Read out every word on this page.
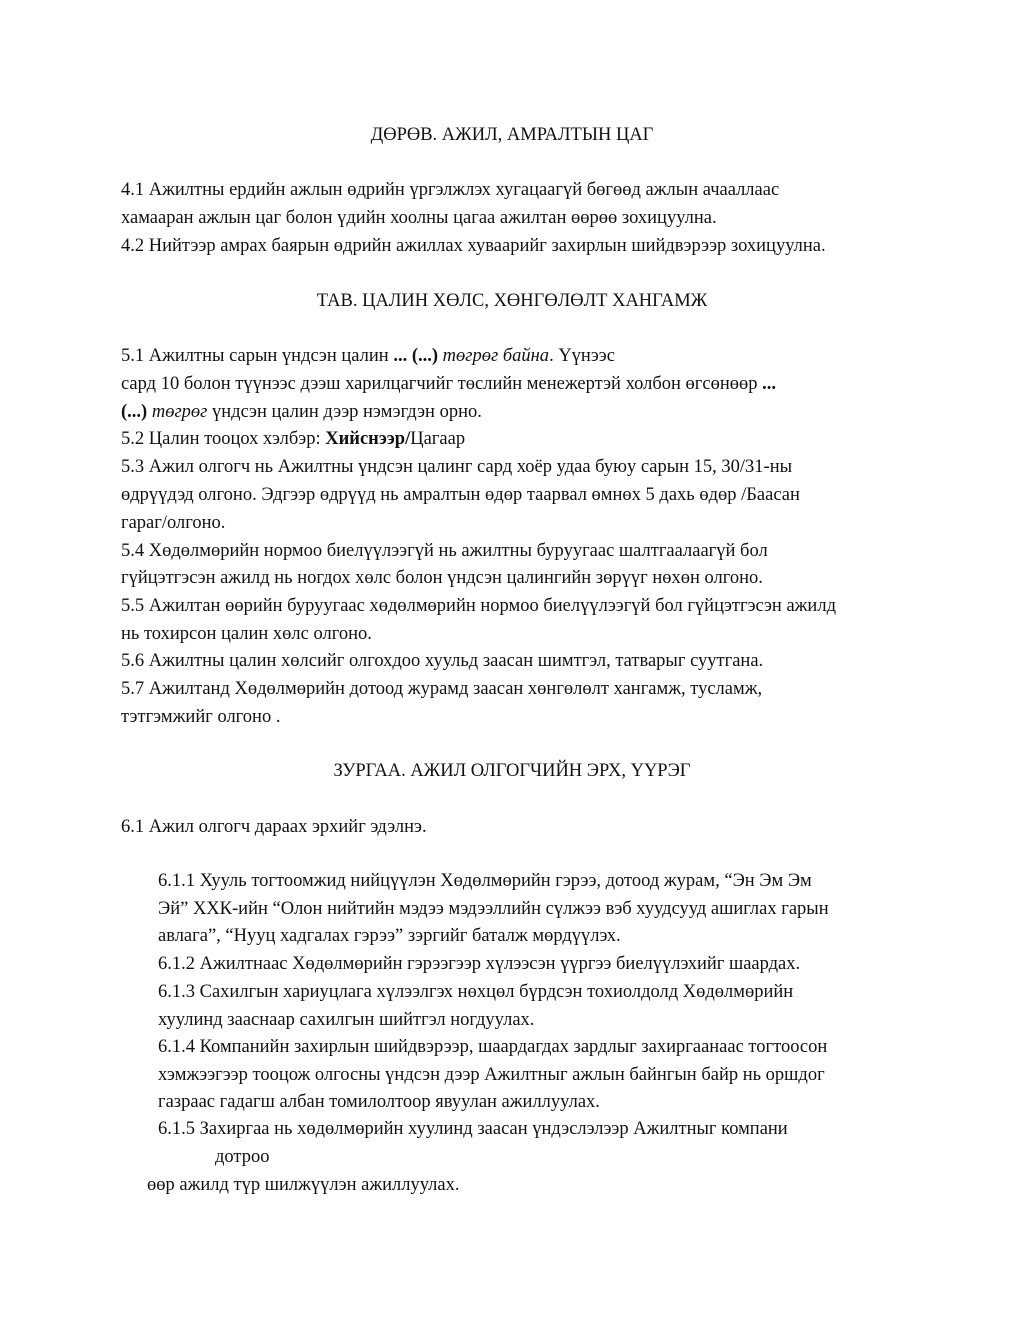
ДӨРӨВ. АЖИЛ, АМРАЛТЫН ЦАГ
4.1 Ажилтны ердийн ажлын өдрийн үргэлжлэх хугацаагүй бөгөөд ажлын ачааллаас
хамааран ажлын цаг болон үдийн хоолны цагаа ажилтан өөрөө зохицуулна.
4.2 Нийтээр амрах баярын өдрийн ажиллах хуваарийг захирлын шийдвэрээр зохицуулна.
ТАВ. ЦАЛИН ХӨЛС, ХӨНГӨЛӨЛТ ХАНГАМЖ
5.1 Ажилтны сарын үндсэн цалин ... (...) төгрөг байна. Үүнээс
сард 10 болон түүнээс дээш харилцагчийг төслийн менежертэй холбон өгсөнөөр ...
(...) төгрөг үндсэн цалин дээр нэмэгдэн орно.
5.2 Цалин тооцох хэлбэр: Хийснээр/Цагаар
5.3 Ажил олгогч нь Ажилтны үндсэн цалинг сард хоёр удаа буюу сарын 15, 30/31-ны
өдрүүдэд олгоно. Эдгээр өдрүүд нь амралтын өдөр таарвал өмнөх 5 дахь өдөр /Баасан
гараг/олгоно.
5.4 Хөдөлмөрийн нормоо биелүүлээгүй нь ажилтны буруугаас шалтгаалаагүй бол
гүйцэтгэсэн ажилд нь ногдох хөлс болон үндсэн цалингийн зөрүүг нөхөн олгоно.
5.5 Ажилтан өөрийн буруугаас хөдөлмөрийн нормоо биелүүлээгүй бол гүйцэтгэсэн ажилд
нь тохирсон цалин хөлс олгоно.
5.6 Ажилтны цалин хөлсийг олгохдоо хуульд заасан шимтгэл, татварыг суутгана.
5.7 Ажилтанд Хөдөлмөрийн дотоод журамд заасан хөнгөлөлт хангамж, тусламж,
тэтгэмжийг олгоно .
ЗУРГАА. АЖИЛ ОЛГОГЧИЙН ЭРХ, ҮҮРЭГ
6.1 Ажил олгогч дараах эрхийг эдэлнэ.
6.1.1 Хууль тогтоомжид нийцүүлэн Хөдөлмөрийн гэрээ, дотоод журам, “Эн Эм Эм
Эй” ХХК-ийн “Олон нийтийн мэдээ мэдээллийн сүлжээ вэб хуудсууд ашиглах гарын
авлага”, “Нууц хадгалах гэрээ” зэргийг баталж мөрдүүлэх.
6.1.2 Ажилтнаас Хөдөлмөрийн гэрээгээр хүлээсэн үүргээ биелүүлэхийг шаардах.
6.1.3 Сахилгын хариуцлага хүлээлгэх нөхцөл бүрдсэн тохиолдолд Хөдөлмөрийн
хуулинд зааснаар сахилгын шийтгэл ногдуулах.
6.1.4 Компанийн захирлын шийдвэрээр, шаардагдах зардлыг захиргаанаас тогтоосон
хэмжээгээр тооцож олгосны үндсэн дээр Ажилтныг ажлын байнгын байр нь оршдог
газраас гадагш албан томилолтоор явуулан ажиллуулах.
6.1.5 Захиргаа нь хөдөлмөрийн хуулинд заасан үндэслэлээр Ажилтныг компани
дотроо
өөр ажилд түр шилжүүлэн ажиллуулах.
